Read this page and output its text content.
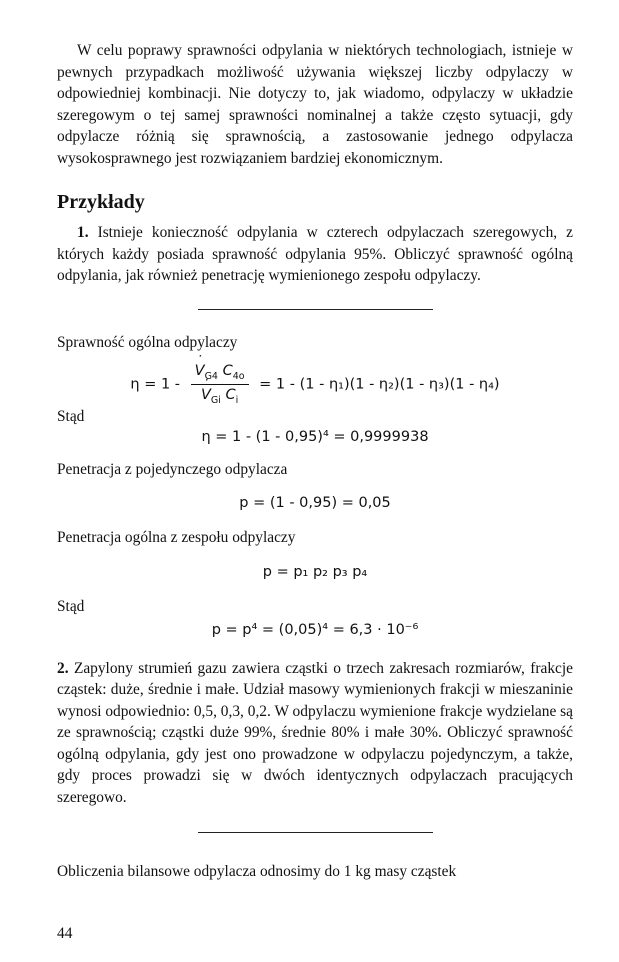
W celu poprawy sprawności odpylania w niektórych technologiach, istnieje w pewnych przypadkach możliwość używania większej liczby odpylaczy w odpowiedniej kombinacji. Nie dotyczy to, jak wiadomo, odpylaczy w układzie szeregowym o tej samej sprawności nominalnej a także często sytuacji, gdy odpylacze różnią się sprawnością, a zastosowanie jednego odpylacza wysokosprawnego jest rozwiązaniem bardziej ekonomicznym.

Przykłady

1. Istnieje konieczność odpylania w czterech odpylaczach szeregowych, z których każdy posiada sprawność odpylania 95%. Obliczyć sprawność ogólną odpylania, jak również penetrację wymienionego zespołu odpylaczy.

Sprawność ogólna odpylaczy

$\eta = 1 - \frac{V ˙_{G4} C_{4o}}{V ˙_{Gi} C_i} = 1 - (1 - \eta_1)(1 - \eta_2)(1 - \eta_3)(1 - \eta_4)$

Stąd

η = 1 - (1 - 0,95)⁴ = 0,9999938

Penetracja z pojedynczego odpylacza

p = (1 - 0,95) = 0,05

Penetracja ogólna z zespołu odpylaczy

p = p₁ p₂ p₃ p₄

Stąd

p = p⁴ = (0,05)⁴ = 6,3 · 10⁻⁶

2. Zapylony strumień gazu zawiera cząstki o trzech zakresach rozmiarów, frakcje cząstek: duże, średnie i małe. Udział masowy wymienionych frakcji w mieszaninie wynosi odpowiednio: 0,5, 0,3, 0,2. W odpylaczu wymienione frakcje wydzielane są ze sprawnością; cząstki duże 99%, średnie 80% i małe 30%. Obliczyć sprawność ogólną odpylania, gdy jest ono prowadzone w odpylaczu pojedynczym, a także, gdy proces prowadzi się w dwóch identycznych odpylaczach pracujących szeregowo.

Obliczenia bilansowe odpylacza odnosimy do 1 kg masy cząstek

44
